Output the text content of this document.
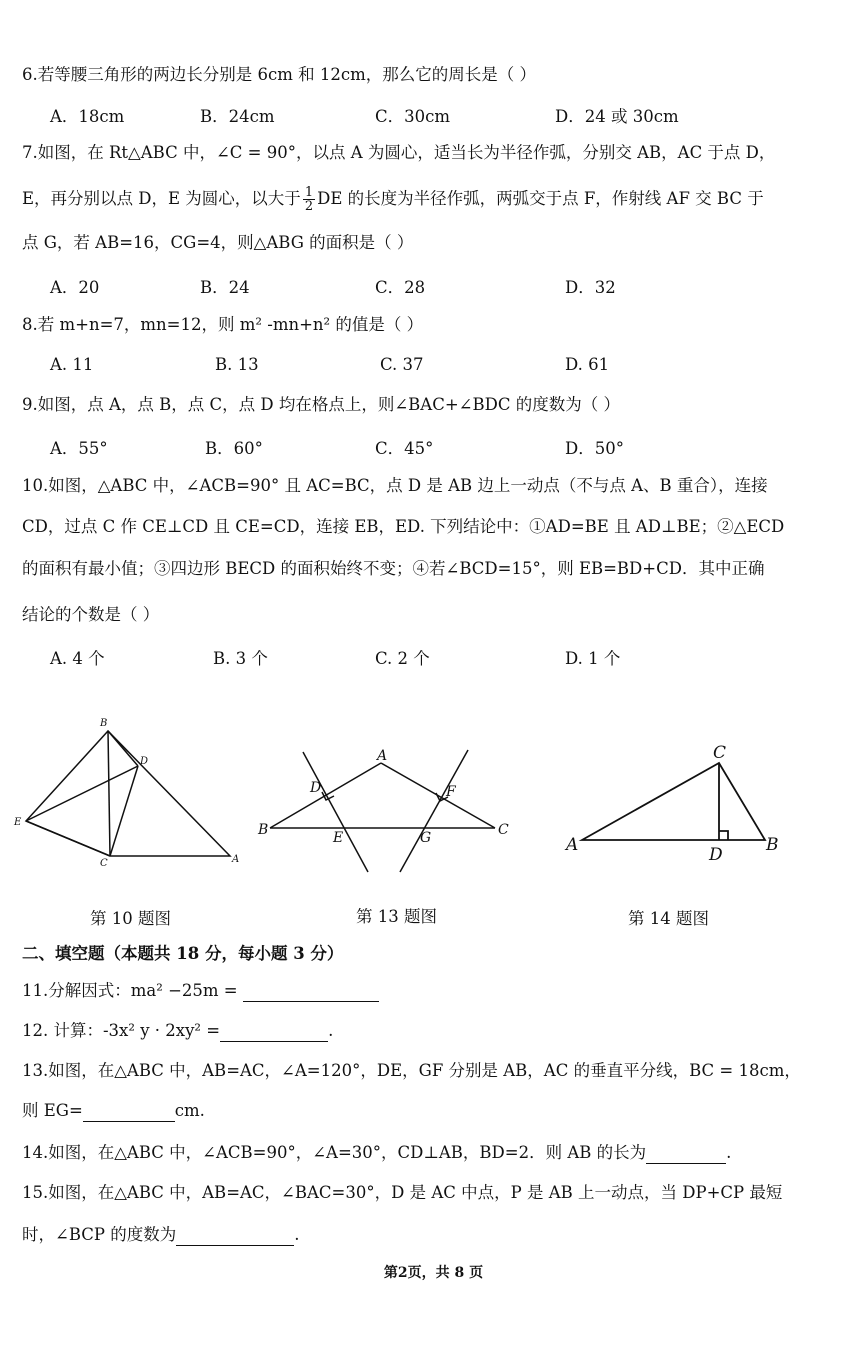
6.若等腰三角形的两边长分别是 6cm 和 12cm，那么它的周长是（ ）
A．18cm	B．24cm	C．30cm	D．24 或 30cm
7.如图，在 Rt△ABC 中，∠C = 90°，以点 A 为圆心，适当长为半径作弧，分别交 AB，AC 于点 D，
E，再分别以点 D，E 为圆心，以大于 $\frac{1}{2}$ DE 的长度为半径作弧，两弧交于点 F，作射线 AF 交 BC 于
点 G，若 AB=16，CG=4，则△ABG 的面积是（ ）
A．20	B．24	C．28	D．32
8.若 m+n=7，mn=12，则 m² -mn+n² 的值是（ ）
A. 11	B. 13	C. 37	D. 61
9.如图，点 A，点 B，点 C，点 D 均在格点上，则∠BAC+∠BDC 的度数为（ ）
A．55°	B．60°	C．45°	D．50°
10.如图，△ABC 中，∠ACB=90° 且 AC=BC，点 D 是 AB 边上一动点（不与点 A、B 重合），连接
CD，过点 C 作 CE⊥CD 且 CE=CD，连接 EB，ED. 下列结论中：①AD=BE 且 AD⊥BE；②△ECD
的面积有最小值；③四边形 BECD 的面积始终不变；④若∠BCD=15°，则 EB=BD+CD．其中正确
结论的个数是（ ）
A. 4 个	B. 3 个	C. 2 个	D. 1 个
B
D
E
C	A
A
D	F
B	E	G	C
C
A	D	B
第 10 题图	第 13 题图	第 14 题图
二、填空题（本题共 18 分，每小题 3 分）
11.分解因式：ma² −25m =
12. 计算：-3x² y · 2xy² =	.
13.如图，在△ABC 中，AB=AC，∠A=120°，DE，GF 分别是 AB，AC 的垂直平分线，BC = 18cm，
则 EG=	cm.
14.如图，在△ABC 中，∠ACB=90°，∠A=30°，CD⊥AB，BD=2．则 AB 的长为	.
15.如图，在△ABC 中，AB=AC，∠BAC=30°，D 是 AC 中点，P 是 AB 上一动点，当 DP+CP 最短
时，∠BCP 的度数为	.
第2页，共 8 页
